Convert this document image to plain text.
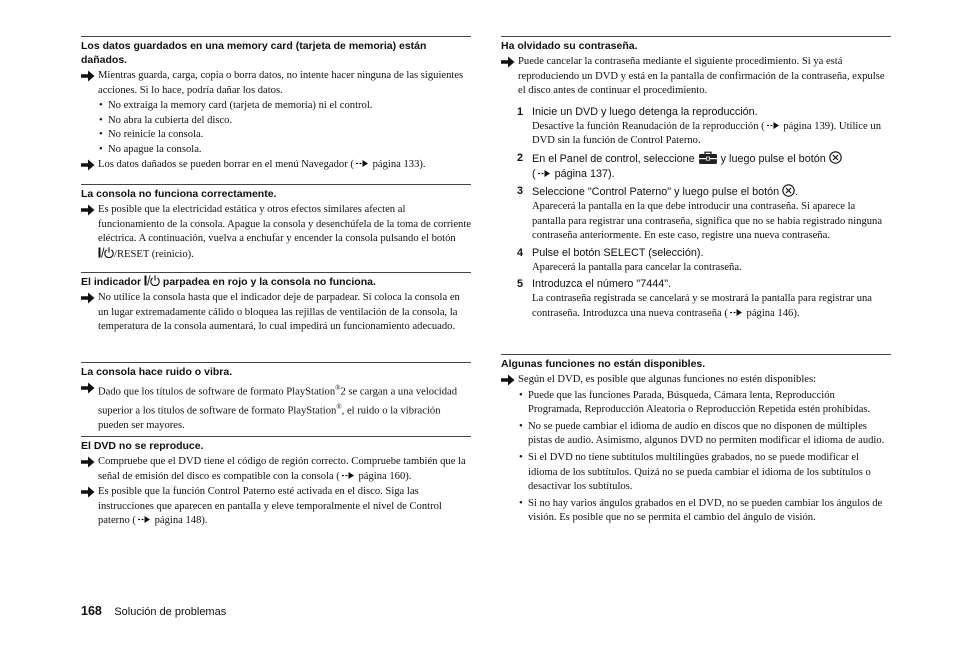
Los datos guardados en una memory card (tarjeta de memoria) están dañados.
Mientras guarda, carga, copia o borra datos, no intente hacer ninguna de las siguientes acciones. Si lo hace, podría dañar los datos.
• No extraiga la memory card (tarjeta de memoria) ni el control.
• No abra la cubierta del disco.
• No reinicie la consola.
• No apague la consola.
Los datos dañados se pueden borrar en el menú Navegador ( página 133).
La consola no funciona correctamente.
Es posible que la electricidad estática y otros efectos similares afecten al funcionamiento de la consola. Apague la consola y desenchúfela de la toma de corriente eléctrica. A continuación, vuelva a enchufar y encender la consola pulsando el botón /RESET (reinicio).
El indicador  parpadea en rojo y la consola no funciona.
No utilice la consola hasta que el indicador deje de parpadear. Si coloca la consola en un lugar extremadamente cálido o bloquea las rejillas de ventilación de la consola, la temperatura de la consola aumentará, lo cual impedirá un funcionamiento adecuado.
La consola hace ruido o vibra.
Dado que los títulos de software de formato PlayStation®2 se cargan a una velocidad superior a los títulos de software de formato PlayStation®, el ruido o la vibración pueden ser mayores.
El DVD no se reproduce.
Compruebe que el DVD tiene el código de región correcto. Compruebe también que la señal de emisión del disco es compatible con la consola ( página 160).
Es posible que la función Control Paterno esté activada en el disco. Siga las instrucciones que aparecen en pantalla y eleve temporalmente el nivel de Control paterno ( página 148).
Ha olvidado su contraseña.
Puede cancelar la contraseña mediante el siguiente procedimiento. Si ya está reproduciendo un DVD y está en la pantalla de confirmación de la contraseña, expulse el disco antes de continuar el procedimiento.
1 Inicie un DVD y luego detenga la reproducción.
Desactive la función Reanudación de la reproducción ( página 139). Utilice un DVD sin la función de Control Paterno.
2 En el Panel de control, seleccione  y luego pulse el botón
( página 137).
3 Seleccione "Control Paterno" y luego pulse el botón .
Aparecerá la pantalla en la que debe introducir una contraseña. Si aparece la pantalla para registrar una contraseña, significa que no se había registrado ninguna contraseña anteriormente. En este caso, registre una nueva contraseña.
4 Pulse el botón SELECT (selección).
Aparecerá la pantalla para cancelar la contraseña.
5 Introduzca el número "7444".
La contraseña registrada se cancelará y se mostrará la pantalla para registrar una contraseña. Introduzca una nueva contraseña ( página 146).
Algunas funciones no están disponibles.
Según el DVD, es posible que algunas funciones no estén disponibles:
• Puede que las funciones Parada, Búsqueda, Cámara lenta, Reproducción Programada, Reproducción Aleatoria o Reproducción Repetida estén prohibidas.
• No se puede cambiar el idioma de audio en discos que no disponen de múltiples pistas de audio. Asimismo, algunos DVD no permiten modificar el idioma de audio.
• Si el DVD no tiene subtítulos multilingües grabados, no se puede modificar el idioma de los subtítulos. Quizá no se pueda cambiar el idioma de los subtítulos o desactivar los subtítulos.
• Si no hay varios ángulos grabados en el DVD, no se pueden cambiar los ángulos de visión. Es posible que no se permita el cambio del ángulo de visión.
168 Solución de problemas
